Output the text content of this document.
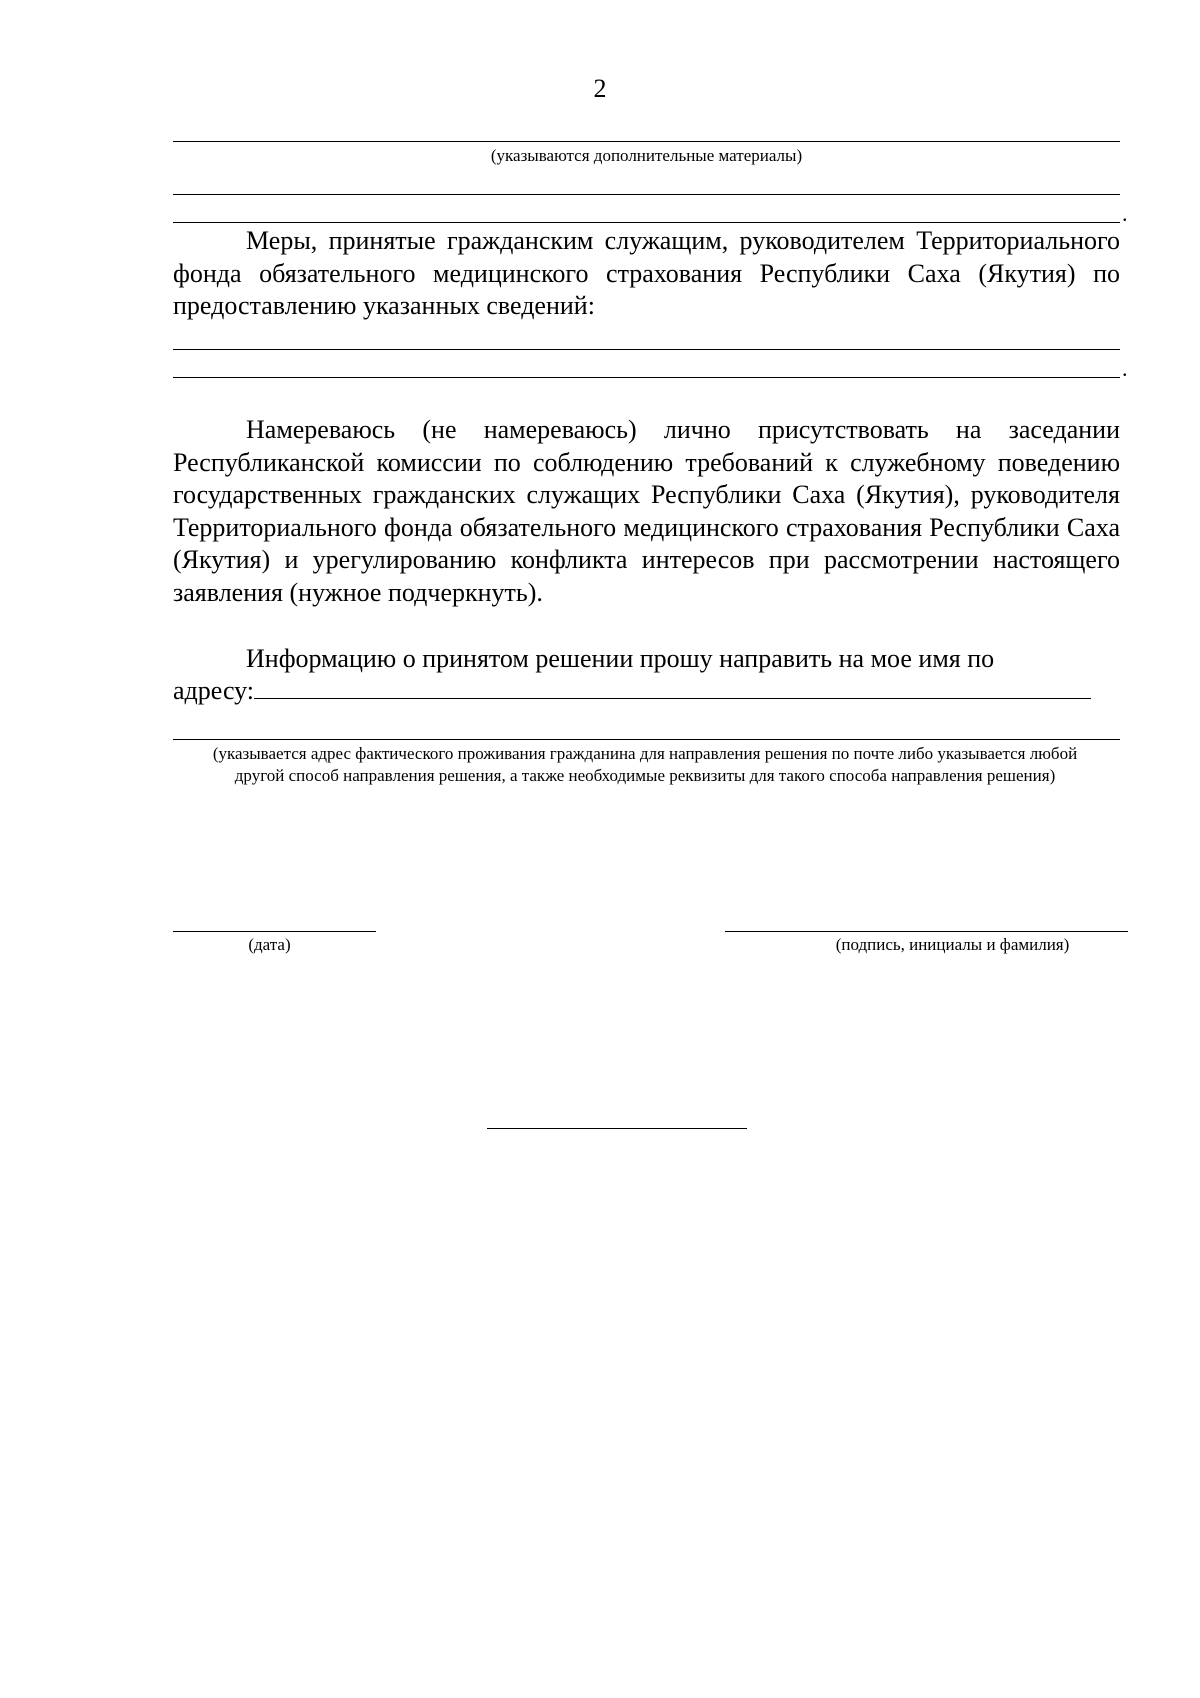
2
(указываются дополнительные материалы)
.

Меры, принятые гражданским служащим, руководителем Территориального фонда обязательного медицинского страхования Республики Саха (Якутия) по предоставлению указанных сведений:

.

Намереваюсь (не намереваюсь) лично присутствовать на заседании Республиканской комиссии по соблюдению требований к служебному поведению государственных гражданских служащих Республики Саха (Якутия), руководителя Территориального фонда обязательного медицинского страхования Республики Саха (Якутия) и урегулированию конфликта интересов при рассмотрении настоящего заявления (нужное подчеркнуть).

Информацию о принятом решении прошу направить на мое имя по

адресу:
(указывается адрес фактического проживания гражданина для направления решения по почте либо указывается любой другой способ направления решения, а также необходимые реквизиты для такого способа направления решения)
(дата)	(подпись, инициалы и фамилия)
